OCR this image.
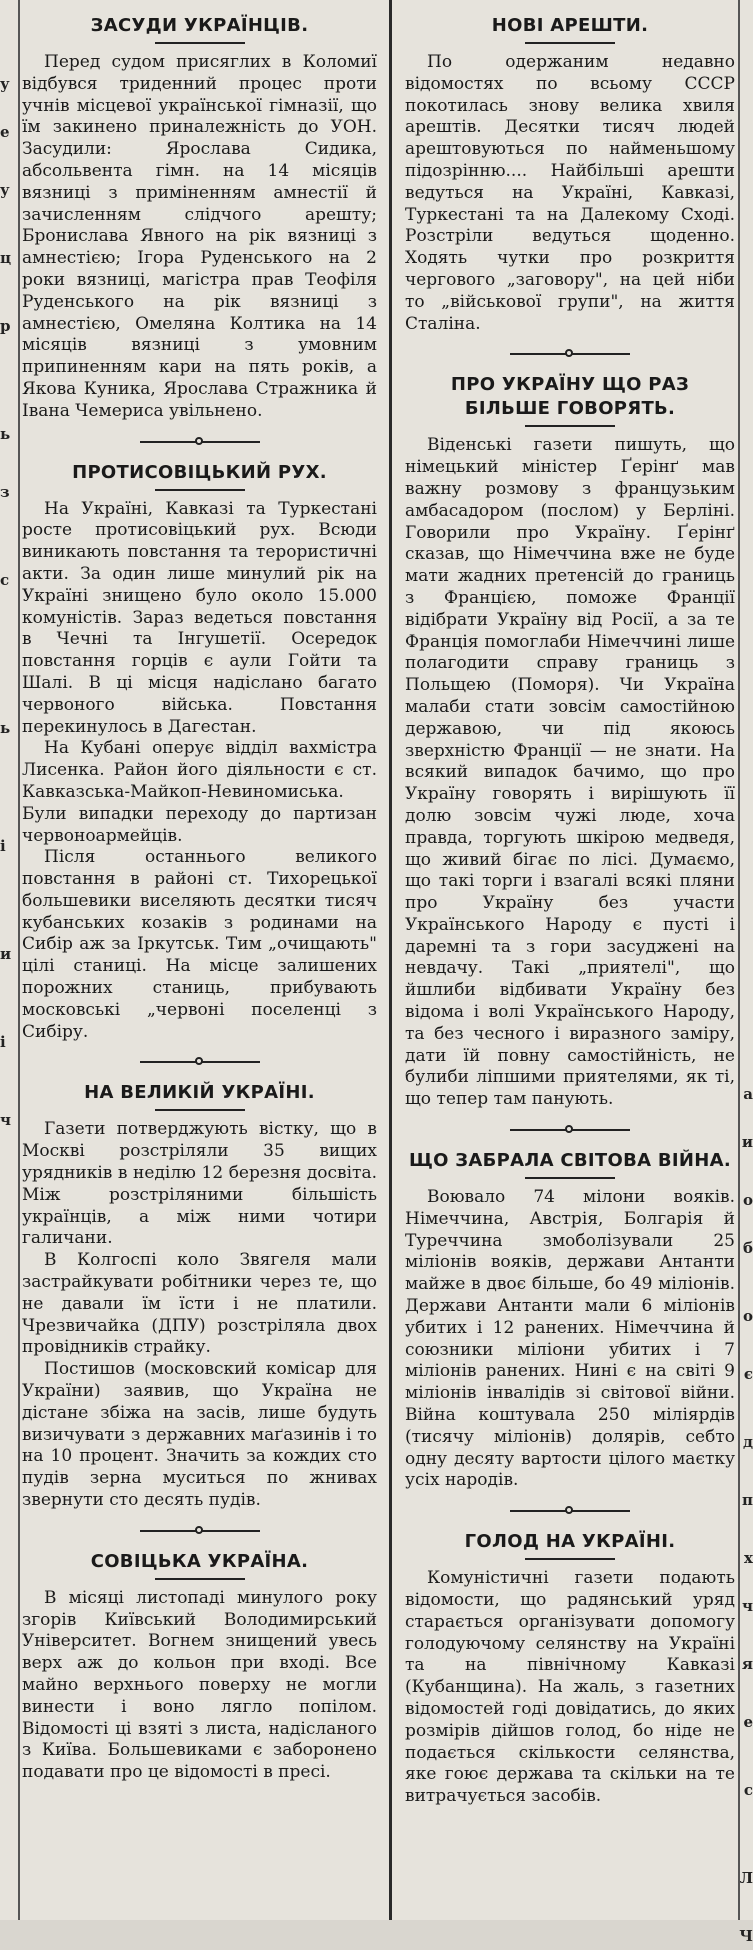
у
е
у
ц
р
ь
з
с
ь
і
и
і
ч
а
и
о
б
о
є
д
п
х
ч
я
е
с
Л
Ч
ЗАСУДИ УКРАЇНЦІВ.

Перед судом присяглих в Коломиї відбувся триденний процес проти учнів місцевої української гімназії, що їм закинено приналежність до УОН. Засудили: Ярослава Сидика, абсольвента гімн. на 14 місяців вязниці з приміненням амнестії й зачисленням слідчого арешту; Бронислава Явного на рік вязниці з амнестією; Ігора Руденського на 2 роки вязниці, магістра прав Теофіля Руденського на рік вязниці з амнестією, Омеляна Колтика на 14 місяців вязниці з умовним припиненням кари на пять років, а Якова Куника, Ярослава Стражника й Івана Чемериса увільнено.

ПРОТИСОВІЦЬКИЙ РУХ.

На Україні, Кавказі та Туркестані росте протисовіцький рух. Всюди виникають повстання та терористичні акти. За один лише минулий рік на Україні знищено було около 15.000 комуністів. Зараз ведеться повстання в Чечні та Інгушетії. Осередок повстання горців є аули Гойти та Шалі. В ці місця надіслано багато червоного війська. Повстання перекинулось в Дагестан.

На Кубані оперує відділ вахмістра Лисенка. Район його діяльности є ст. Кавказська-Майкоп-Невиномиська. Були випадки переходу до партизан червоноармейців.

Після останнього великого повстання в районі ст. Тихорецької большевики виселяють десятки тисяч кубанських козаків з родинами на Сибір аж за Іркутськ. Тим „очищають" цілі станиці. На місце залишених порожних станиць, прибувають московські „червоні поселенці з Сибіру.

НА ВЕЛИКІЙ УКРАЇНІ.

Газети потверджують вістку, що в Москві розстріляли 35 вищих урядників в неділю 12 березня досвіта. Між розстріляними більшість українців, а між ними чотири галичани.

В Колгоспі коло Звягеля мали застрайкувати робітники через те, що не давали їм їсти і не платили. Чрезвичайка (ДПУ) розстріляла двох провідників страйку.

Постишов (московский комісар для України) заявив, що Україна не дістане збіжа на засів, лише будуть визичувати з державних маґазинів і то на 10 процент. Значить за кождих сто пудів зерна муситься по жнивах звернути сто десять пудів.

СОВІЦЬКА УКРАЇНА.

В місяці листопаді минулого року згорів Київський Володимирський Університет. Вогнем знищений увесь верх аж до кольон при вході. Все майно верхнього поверху не могли винести і воно лягло попілом. Відомості ці взяті з листа, надісланого з Київа. Большевиками є заборонено подавати про це відомості в пресі.

НОВІ АРЕШТИ.

По одержаним недавно відомостях по всьому СССР покотилась знову велика хвиля арештів. Десятки тисяч людей арештовуються по найменьшому підозрінню.... Найбільші арешти ведуться на Україні, Кавказі, Туркестані та на Далекому Сході. Розстріли ведуться щоденно. Ходять чутки про розкриття чергового „заговору", на цей ніби то „військової групи", на життя Сталіна.

ПРО УКРАЇНУ ЩО РАЗ БІЛЬШЕ ГОВОРЯТЬ.

Віденські газети пишуть, що німецький міністер Ґерінґ мав важну розмову з французьким амбасадором (послом) у Берліні. Говорили про Україну. Ґерінґ сказав, що Німеччина вже не буде мати жадних претенсій до границь з Францією, поможе Франції відібрати Україну від Росії, а за те Франція помоглаби Німеччині лише полагодити справу границь з Польщею (Поморя). Чи Україна малаби стати зовсім самостійною державою, чи під якоюсь зверхністю Франції — не знати. На всякий випадок бачимо, що про Україну говорять і вирішують її долю зовсім чужі люде, хоча правда, торгують шкірою медведя, що живий бігає по лісі. Думаємо, що такі торги і взагалі всякі пляни про Україну без участи Українського Народу є пусті і даремні та з гори засуджені на невдачу. Такі „приятелі", що йшлиби відбивати Україну без відома і волі Українського Народу, та без чесного і виразного заміру, дати їй повну самостійність, не булиби ліпшими приятелями, як ті, що тепер там панують.

ЩО ЗАБРАЛА СВІТОВА ВІЙНА.

Воювало 74 мілони вояків. Німеччина, Австрія, Болгарія й Туреччина змоболізували 25 міліонів вояків, держави Антанти майже в двоє більше, бо 49 міліонів. Держави Антанти мали 6 міліонів убитих і 12 ранених. Німеччина й союзники міліони убитих і 7 міліонів ранених. Нині є на світі 9 міліонів інвалідів зі світової війни. Війна коштувала 250 міліярдів (тисячу міліонів) долярів, себто одну десяту вартости цілого маєтку усіх народів.

ГОЛОД НА УКРАЇНІ.

Комуністичні газети подають відомости, що радянський уряд старається організувати допомогу голодуючому селянству на Україні та на північному Кавказі (Кубанщина). На жаль, з газетних відомостей годі довідатись, до яких розмірів дійшов голод, бо ніде не подається скількости селянства, яке гоює держава та скільки на те витрачується засобів.
